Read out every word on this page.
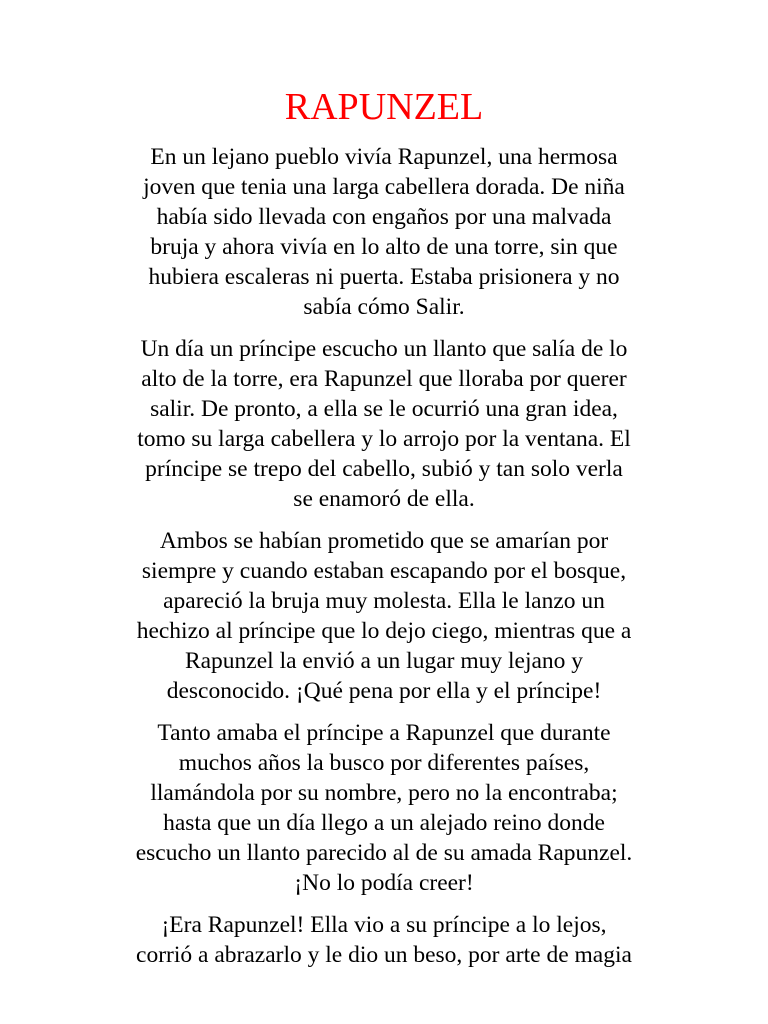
RAPUNZEL

En un lejano pueblo vivía Rapunzel, una hermosa
joven que tenia una larga cabellera dorada. De niña
había sido llevada con engaños por una malvada
bruja y ahora vivía en lo alto de una torre, sin que
hubiera escaleras ni puerta. Estaba prisionera y no
sabía cómo Salir.

Un día un príncipe escucho un llanto que salía de lo
alto de la torre, era Rapunzel que lloraba por querer
salir. De pronto, a ella se le ocurrió una gran idea,
tomo su larga cabellera y lo arrojo por la ventana. El
príncipe se trepo del cabello, subió y tan solo verla
se enamoró de ella.

Ambos se habían prometido que se amarían por
siempre y cuando estaban escapando por el bosque,
apareció la bruja muy molesta. Ella le lanzo un
hechizo al príncipe que lo dejo ciego, mientras que a
Rapunzel la envió a un lugar muy lejano y
desconocido. ¡Qué pena por ella y el príncipe!

Tanto amaba el príncipe a Rapunzel que durante
muchos años la busco por diferentes países,
llamándola por su nombre, pero no la encontraba;
hasta que un día llego a un alejado reino donde
escucho un llanto parecido al de su amada Rapunzel.
¡No lo podía creer!

¡Era Rapunzel! Ella vio a su príncipe a lo lejos,
corrió a abrazarlo y le dio un beso, por arte de magia
